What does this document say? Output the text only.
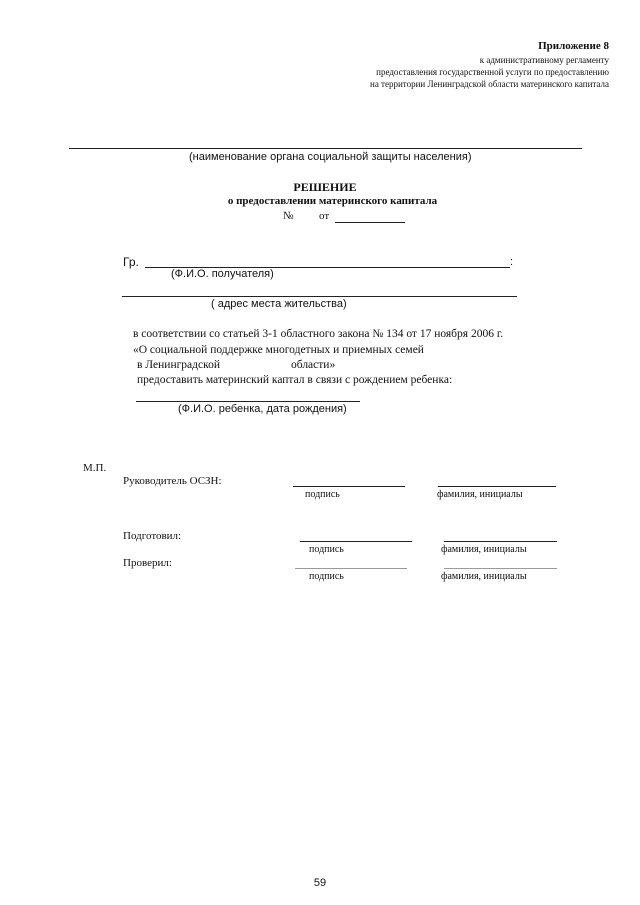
Приложение 8
к административному регламенту
предоставления государственной услуги по предоставлению
на территории Ленинградской области материнского капитала
(наименование органа социальной защиты населения)
РЕШЕНИЕ
о предоставлении материнского капитала
№ от
Гр.	:
(Ф.И.О. получателя)
( адрес места жительства)
в соответствии со статьей 3-1 областного закона № 134 от 17 ноября 2006 г.
«О социальной поддержке многодетных и приемных семей
в Ленинградской	области»
предоставить материнский каптал в связи с рождением ребенка:
(Ф.И.О. ребенка, дата рождения)
М.П.
Руководитель ОСЗН:
подпись	фамилия, инициалы
Подготовил:
подпись	фамилия, инициалы
Проверил:
подпись	фамилия, инициалы
59
